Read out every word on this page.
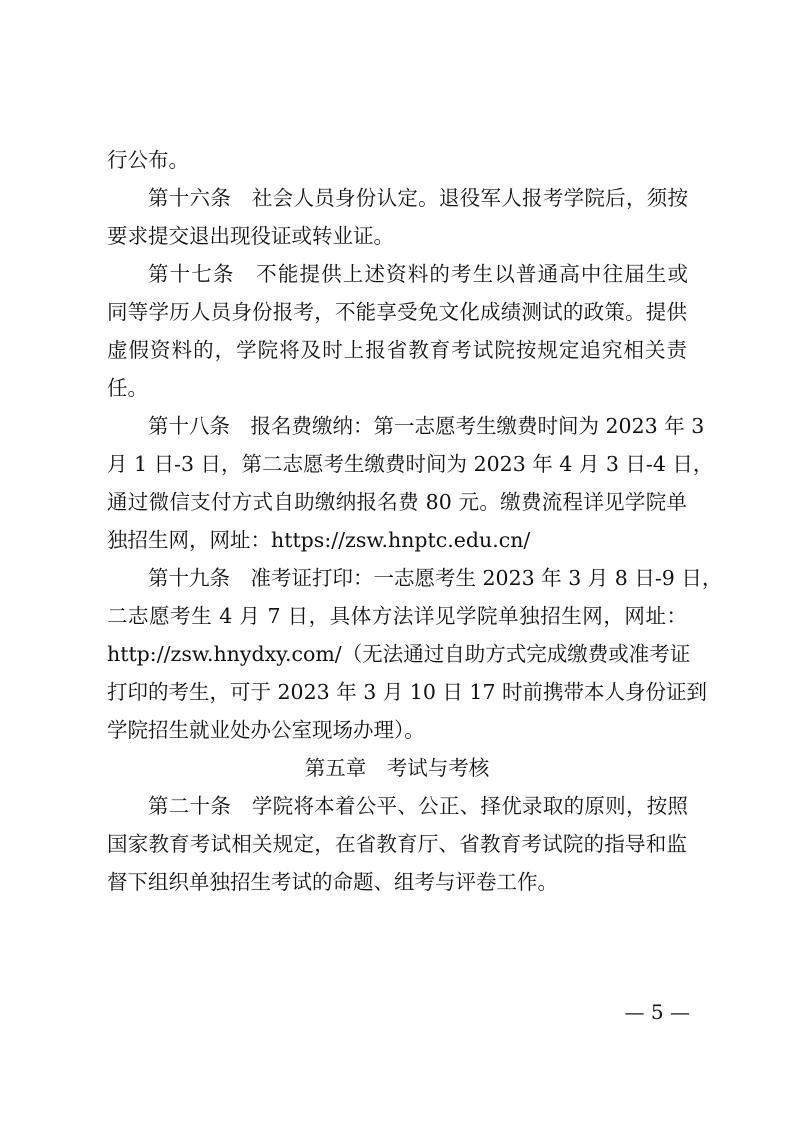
行公布。
第十六条　社会人员身份认定。退役军人报考学院后，须按
要求提交退出现役证或转业证。
第十七条　不能提供上述资料的考生以普通高中往届生或
同等学历人员身份报考，不能享受免文化成绩测试的政策。提供
虚假资料的，学院将及时上报省教育考试院按规定追究相关责
任。
第十八条　报名费缴纳：第一志愿考生缴费时间为 2023 年 3
月 1 日-3 日，第二志愿考生缴费时间为 2023 年 4 月 3 日-4 日，
通过微信支付方式自助缴纳报名费 80 元。缴费流程详见学院单
独招生网，网址：https://zsw.hnptc.edu.cn/
第十九条　准考证打印：一志愿考生 2023 年 3 月 8 日-9 日，
二志愿考生 4 月 7 日，具体方法详见学院单独招生网，网址：
http://zsw.hnydxy.com/（无法通过自助方式完成缴费或准考证
打印的考生，可于 2023 年 3 月 10 日 17 时前携带本人身份证到
学院招生就业处办公室现场办理）。
第五章　考试与考核
第二十条　学院将本着公平、公正、择优录取的原则，按照
国家教育考试相关规定，在省教育厅、省教育考试院的指导和监
督下组织单独招生考试的命题、组考与评卷工作。
— 5 —
